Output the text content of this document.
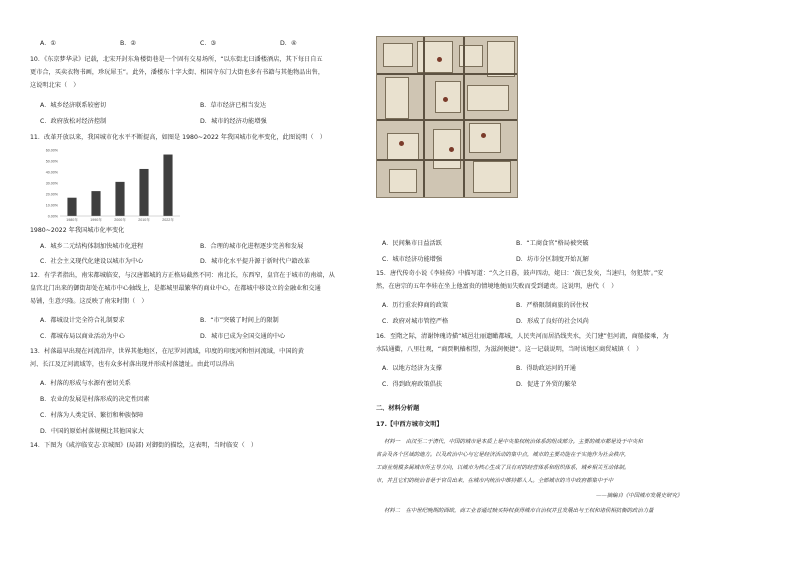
A．①	B．②	C．③	D．④
10．《东京梦华录》记载，北宋开封东角楼街巷是一个固有交易场所，“以东街北曰潘楼酒店，其下每日自五
更市合，买卖衣物书画，珍玩犀玉”。此外，潘楼东十字大街、相国寺东门大街也多有书籍与其他物品出售，
这说明北宋（　）
A．城乡经济联系较密切	B．草市经济已相当发达
C．政府放松对经济控制	D．城市的经济功能增强
11．改革开放以来，我国城市化水平不断提高，如图是 1980~2022 年我国城市化率变化，此图说明（　）
60.00%
50.00%
40.00%
30.00%
20.00%
10.00%
0.00%
1980年	1990年	2000年	2010年	2022年
1980~2022 年我国城市化率变化
A．城乡二元结构体制加快城市化进程	B．合理的城市化进程逐步完善和发展
C．社会主义现代化建设以城市为中心	D．城市化水平提升源于新时代户籍改革
12．有学者指出，南宋都城临安，与汉唐都城的方正格局截然不同：南北长，东西窄，皇宫在于城市的南端，从
皇宫北门出来的御街却处在城市中心轴线上，是都城里最繁华的商业中心，在都城中移设立的金融业和交通
易铺，生意兴隆。这反映了南宋时期（　）
A．都城设计完全符合礼制要求	B．“市”突破了时间上的限制
C．都城布局以商业活动为中心	D．城市已成为全国交通的中心
13．村落最早出现在河流沿岸，世界其他地区，在尼罗河流域，印度的印度河和恒河流域，中国的黄
河、长江及辽河流域等，也有众多村落出现并形成村落遗址。由此可以得出
A．村落的形成与水源有密切关系
B．农业的发展是村落形成的决定性因素
C．村落为人类定居、繁衍和种族保障
D．中国的原始村落规模比其他国家大
14．下图为《咸淳临安志·京城图》(局部) 对御街的描绘，这表明，当时临安（　）
A．民间集市日益活跃	B．“工商食官”格局被突破
C．城市经济功能增强	D．坊市分区制度开始瓦解
15．唐代传奇小说《李娃传》中描写道：“久之日暮，鼓声四动，姥曰：‘鼓已发矣，当速归，勿犯禁’。”安
然，在唐宗的五年李娃在坐上他富贵的情境地便而失败而受到谴责。这说明，唐代（　）
A．历行重农抑商的政策	B．严格限制商旅的居住权
C．政府对城市管控严格	D．形成了良好的社会风尚
16．至隋之际，清谢钟瑰诗描“城邑壮丽遗瞰都城，人民夹河而居沿线夹水，关门建”但河流，商船接乘，为
水陆通衢，八里壮观，“商贾帆樯相望，为滋润便捷”。这一记载说明，当时该地区商贸城镇（　）
A．以地方经济为支撑	B．得助政运河的开通
C．得到政府政策倡扶	D．促进了外贸的繁荣
二、材料分析题
17.【中西方城市文明】
材料一　由汉至二于清代，中国的城市是本质上是中央集权统治体系的组成部分。主要的城市都是设于中央和
省会及各个区域的地方。以及政治中心与它是经济活动的集中点，城市的主要功能在于实施作为社会秩序，
工商业规模多属城市所主导方向，以城市为核心生成了具有对的经营体系和组织体系，城乡相关互动体制。
市，并且它们的统治者是于官员出来，在城市内统治中维持都人人。全部城市的当中政府都集中于中
——摘编自《中国城市发展史研究》
材料二　在中世纪晚期的西欧，商工业者通过赎买特权获得城市自治权并且发展出与王权和诸侯相抗衡的政治力量
